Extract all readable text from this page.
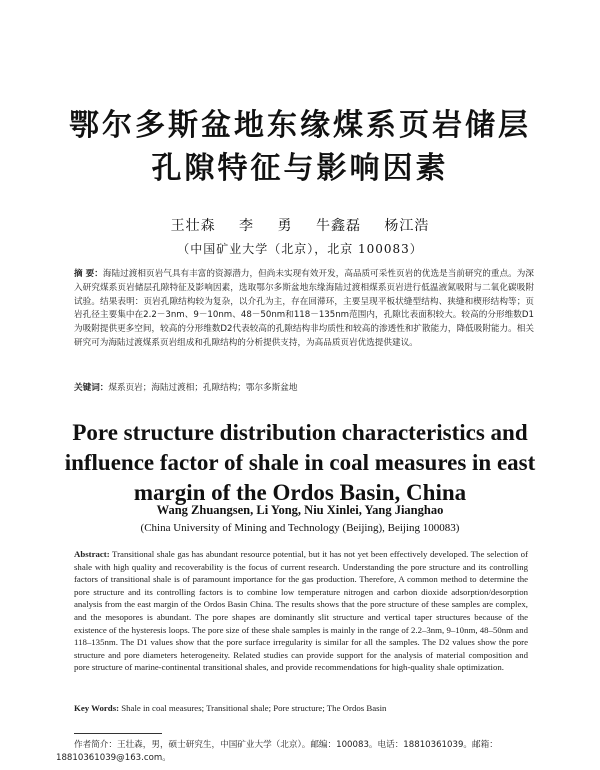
鄂尔多斯盆地东缘煤系页岩储层
孔隙特征与影响因素
王壮森 李 勇 牛鑫磊 杨江浩
（中国矿业大学（北京），北京 100083）
摘 要：海陆过渡相页岩气具有丰富的资源潜力，但尚未实现有效开发，高品质可采性页岩的优选是当前研究的重点。为深入研究煤系页岩储层孔隙特征及影响因素，选取鄂尔多斯盆地东缘海陆过渡相煤系页岩进行低温液氮吸附与二氧化碳吸附试验。结果表明：页岩孔隙结构较为复杂，以介孔为主，存在回滞环，主要呈现平板状缝型结构、狭缝和楔形结构等；页岩孔径主要集中在2.2－3nm、9－10nm、48－50nm和118－135nm范围内，孔隙比表面积较大。较高的分形维数D1为吸附提供更多空间，较高的分形维数D2代表较高的孔隙结构非均质性和较高的渗透性和扩散能力，降低吸附能力。相关研究可为海陆过渡煤系页岩组成和孔隙结构的分析提供支持，为高品质页岩优选提供建议。
关键词：煤系页岩；海陆过渡相；孔隙结构；鄂尔多斯盆地
Pore structure distribution characteristics and influence factor of shale in coal measures in east margin of the Ordos Basin, China
Wang Zhuangsen, Li Yong, Niu Xinlei, Yang Jianghao
(China University of Mining and Technology (Beijing), Beijing 100083)
Abstract: Transitional shale gas has abundant resource potential, but it has not yet been effectively developed. The selection of shale with high quality and recoverability is the focus of current research. Understanding the pore structure and its controlling factors of transitional shale is of paramount importance for the gas production. Therefore, A common method to determine the pore structure and its controlling factors is to combine low temperature nitrogen and carbon dioxide adsorption/desorption analysis from the east margin of the Ordos Basin China. The results shows that the pore structure of these samples are complex, and the mesopores is abundant. The pore shapes are dominantly slit structure and vertical taper structures because of the existence of the hysteresis loops. The pore size of these shale samples is mainly in the range of 2.2–3nm, 9–10nm, 48–50nm and 118–135nm. The D1 values show that the pore surface irregularity is similar for all the samples. The D2 values show the pore structure and pore diameters heterogeneity. Related studies can provide support for the analysis of material composition and pore structure of marine-continental transitional shales, and provide recommendations for high-quality shale optimization.
Key Words: Shale in coal measures; Transitional shale; Pore structure; The Ordos Basin
作者简介：王壮森，男，硕士研究生，中国矿业大学（北京）。邮编：100083。电话：18810361039。邮箱：18810361039@163.com。
